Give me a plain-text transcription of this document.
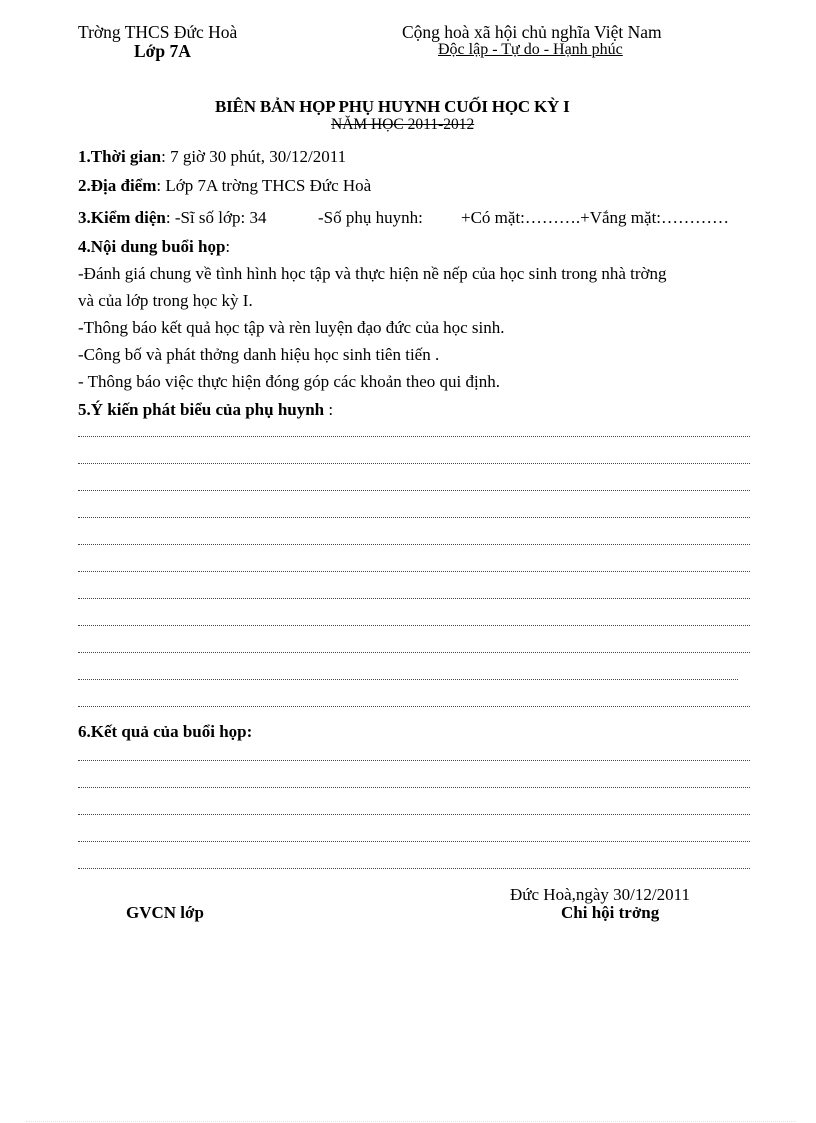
Trờng THCS Đức Hoà
Lớp 7A
Cộng hoà xã hội chủ nghĩa Việt Nam
Độc lập - Tự do - Hạnh phúc
BIÊN BẢN HỌP PHỤ HUYNH CUỐI HỌC KỲ I
NĂM HỌC 2011-2012
1.Thời gian: 7 giờ 30 phút, 30/12/2011
2.Địa điểm: Lớp 7A trờng THCS Đức Hoà
3.Kiểm diện: -Sĩ số lớp: 34	-Số phụ huynh: +Có mặt:……….+Vắng mặt:…………
4.Nội dung buổi họp:
-Đánh giá chung về tình hình học tập và thực hiện nề nếp của học sinh trong nhà trờng
và của lớp trong học kỳ I.
-Thông báo kết quả học tập và rèn luyện đạo đức của học sinh.
-Công bố và phát thởng danh hiệu học sinh tiên tiến .
- Thông báo việc thực hiện đóng góp các khoản theo qui định.
5.Ý kiến phát biểu của phụ huynh :
6.Kết quả của buổi họp:
Đức Hoà,ngày 30/12/2011
GVCN lớp	Chi hội trởng
